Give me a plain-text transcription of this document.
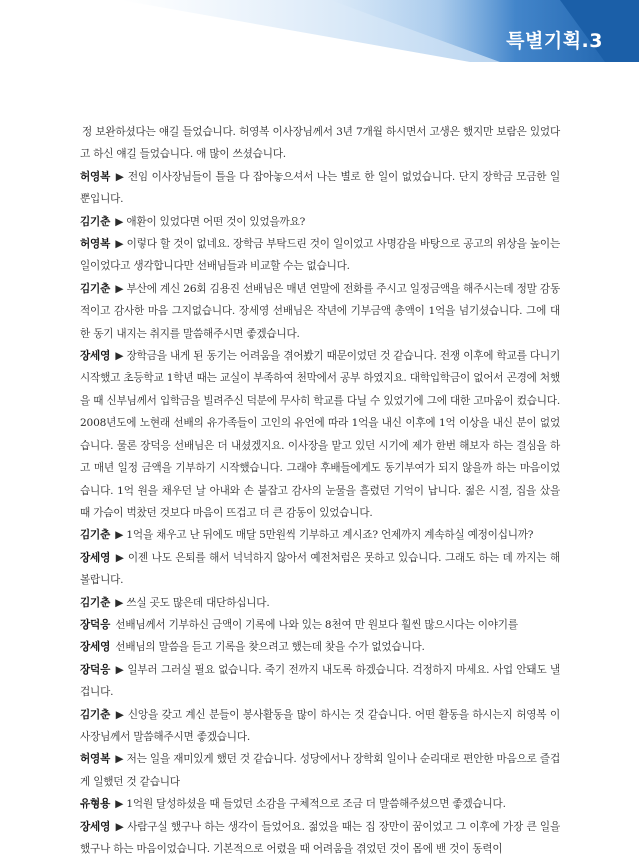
특별기획.3

정 보완하셨다는 얘길 들었습니다. 허영복 이사장님께서 3년 7개월 하시면서 고생은 했지만 보람은 있었다고 하신 얘길 들었습니다. 애 많이 쓰셨습니다.

허영복 ▶ 전임 이사장님들이 틀을 다 잡아놓으셔서 나는 별로 한 일이 없었습니다. 단지 장학금 모금한 일 뿐입니다.

김기춘 ▶ 애환이 있었다면 어떤 것이 있었을까요?

허영복 ▶ 이렇다 할 것이 없네요. 장학금 부탁드린 것이 일이었고 사명감을 바탕으로 공고의 위상을 높이는 일이었다고 생각합니다만 선배님들과 비교할 수는 없습니다.

김기춘 ▶ 부산에 계신 26회 김용진 선배님은 매년 연말에 전화를 주시고 일정금액을 해주시는데 정말 감동적이고 감사한 마음 그지없습니다. 장세영 선배님은 작년에 기부금액 총액이 1억을 넘기셨습니다. 그에 대한 동기 내지는 취지를 말씀해주시면 좋겠습니다.

장세영 ▶ 장학금을 내게 된 동기는 어려움을 겪어봤기 때문이었던 것 같습니다. 전쟁 이후에 학교를 다니기 시작했고 초등학교 1학년 때는 교실이 부족하여 천막에서 공부 하였지요. 대학입학금이 없어서 곤경에 처했을 때 신부님께서 입학금을 빌려주신 덕분에 무사히 학교를 다닐 수 있었기에 그에 대한 고마움이 컸습니다. 2008년도에 노현래 선배의 유가족들이 고인의 유언에 따라 1억을 내신 이후에 1억 이상을 내신 분이 없었습니다. 물론 장덕응 선배님은 더 내셨겠지요. 이사장을 맡고 있던 시기에 제가 한번 해보자 하는 결심을 하고 매년 일정 금액을 기부하기 시작했습니다. 그래야 후배들에게도 동기부여가 되지 않을까 하는 마음이었습니다. 1억 원을 채우던 날 아내와 손 붙잡고 감사의 눈물을 흘렸던 기억이 납니다. 젊은 시절, 집을 샀을 때 가슴이 벅찼던 것보다 마음이 뜨겁고 더 큰 감동이 있었습니다.

김기춘 ▶ 1억을 채우고 난 뒤에도 매달 5만원씩 기부하고 계시죠? 언제까지 계속하실 예정이십니까?

장세영 ▶ 이젠 나도 은퇴를 해서 넉넉하지 않아서 예전처럼은 못하고 있습니다. 그래도 하는 데 까지는 해볼랍니다.

김기춘 ▶ 쓰실 곳도 많은데 대단하십니다.

장덕응 선배님께서 기부하신 금액이 기록에 나와 있는 8천여 만 원보다 훨씬 많으시다는 이야기를

장세영 선배님의 말씀을 듣고 기록을 찾으려고 했는데 찾을 수가 없었습니다.

장덕응 ▶ 일부러 그러실 필요 없습니다. 죽기 전까지 내도록 하겠습니다. 걱정하지 마세요. 사업 안돼도 낼 겁니다.

김기춘 ▶ 신앙을 갖고 계신 분들이 봉사활동을 많이 하시는 것 같습니다. 어떤 활동을 하시는지 허영복 이사장님께서 말씀해주시면 좋겠습니다.

허영복 ▶ 저는 일을 재미있게 했던 것 같습니다. 성당에서나 장학회 일이나 순리대로 편안한 마음으로 즐겁게 일했던 것 같습니다

유형용 ▶ 1억원 달성하셨을 때 들었던 소감을 구체적으로 조금 더 말씀해주셨으면 좋겠습니다.

장세영 ▶ 사람구실 했구나 하는 생각이 들었어요. 젊었을 때는 집 장만이 꿈이었고 그 이후에 가장 큰 일을 했구나 하는 마음이었습니다. 기본적으로 어렸을 때 어려움을 겪었던 것이 몸에 밴 것이 동력이
